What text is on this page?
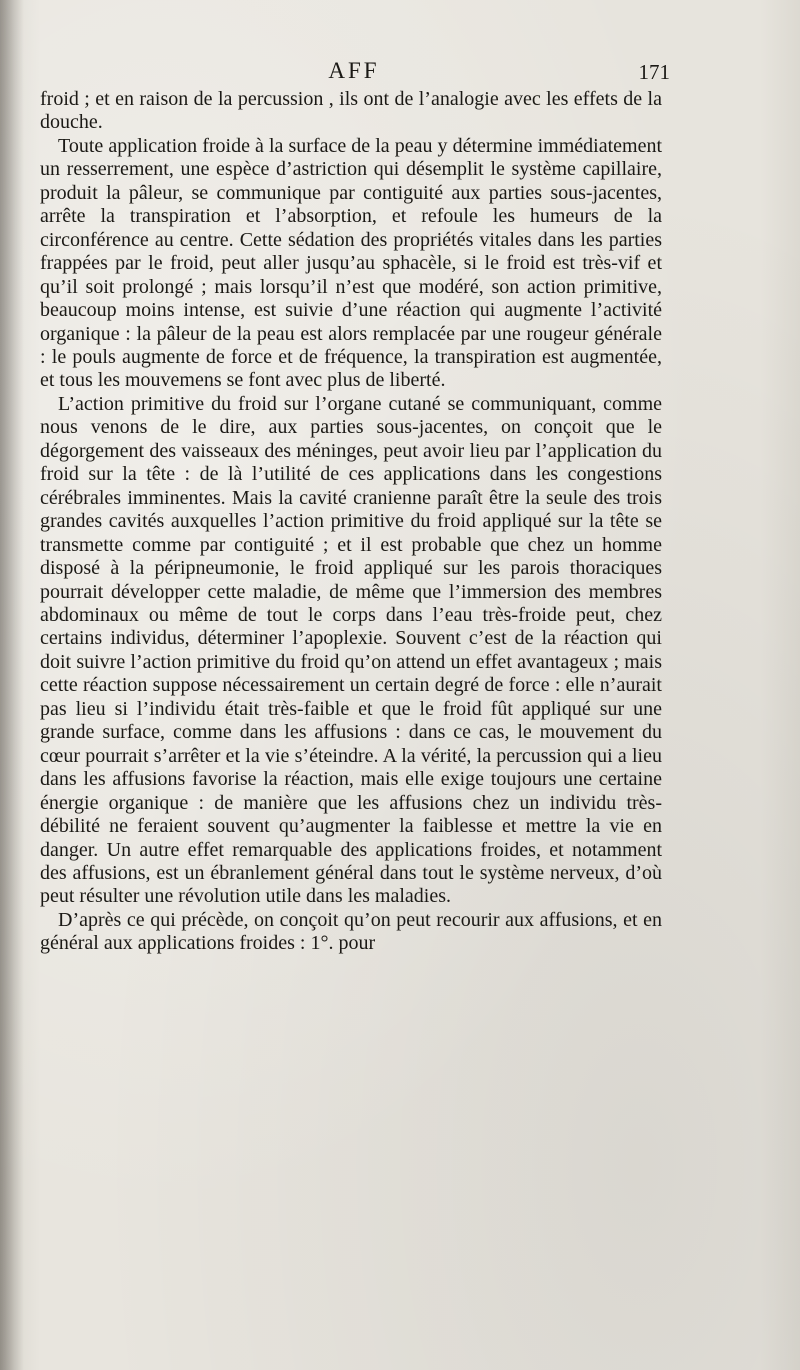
AFF	171

froid ; et en raison de la percussion , ils ont de l’analogie avec les effets de la douche.

Toute application froide à la surface de la peau y détermine immédiatement un resserrement, une espèce d’astriction qui désemplit le système capillaire, produit la pâleur, se communique par contiguité aux parties sous-jacentes, arrête la transpiration et l’absorption, et refoule les humeurs de la circonférence au centre. Cette sédation des propriétés vitales dans les parties frappées par le froid, peut aller jusqu’au sphacèle, si le froid est très-vif et qu’il soit prolongé ; mais lorsqu’il n’est que modéré, son action primitive, beaucoup moins intense, est suivie d’une réaction qui augmente l’activité organique : la pâleur de la peau est alors remplacée par une rougeur générale : le pouls augmente de force et de fréquence, la transpiration est augmentée, et tous les mouvemens se font avec plus de liberté.

L’action primitive du froid sur l’organe cutané se communiquant, comme nous venons de le dire, aux parties sous-jacentes, on conçoit que le dégorgement des vaisseaux des méninges, peut avoir lieu par l’application du froid sur la tête : de là l’utilité de ces applications dans les congestions cérébrales imminentes. Mais la cavité cranienne paraît être la seule des trois grandes cavités auxquelles l’action primitive du froid appliqué sur la tête se transmette comme par contiguité ; et il est probable que chez un homme disposé à la péripneumonie, le froid appliqué sur les parois thoraciques pourrait développer cette maladie, de même que l’immersion des membres abdominaux ou même de tout le corps dans l’eau très-froide peut, chez certains individus, déterminer l’apoplexie. Souvent c’est de la réaction qui doit suivre l’action primitive du froid qu’on attend un effet avantageux ; mais cette réaction suppose nécessairement un certain degré de force : elle n’aurait pas lieu si l’individu était très-faible et que le froid fût appliqué sur une grande surface, comme dans les affusions : dans ce cas, le mouvement du cœur pourrait s’arrêter et la vie s’éteindre. A la vérité, la percussion qui a lieu dans les affusions favorise la réaction, mais elle exige toujours une certaine énergie organique : de manière que les affusions chez un individu très-débilité ne feraient souvent qu’augmenter la faiblesse et mettre la vie en danger. Un autre effet remarquable des applications froides, et notamment des affusions, est un ébranlement général dans tout le système nerveux, d’où peut résulter une révolution utile dans les maladies.

D’après ce qui précède, on conçoit qu’on peut recourir aux affusions, et en général aux applications froides : 1°. pour
